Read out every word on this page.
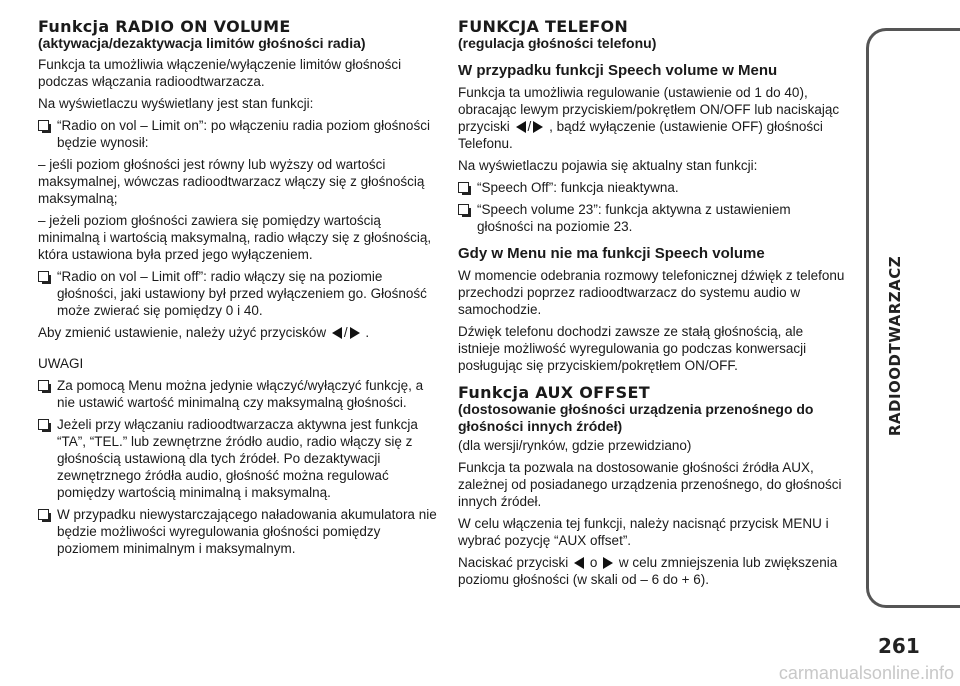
Funkcja RADIO ON VOLUME
(aktywacja/dezaktywacja limitów głośności radia)

Funkcja ta umożliwia włączenie/wyłączenie limitów głośności podczas włączania radioodtwarzacza.

Na wyświetlaczu wyświetlany jest stan funkcji:

“Radio on vol – Limit on”: po włączeniu radia poziom głośności będzie wynosił:

– jeśli poziom głośności jest równy lub wyższy od wartości maksymalnej, wówczas radioodtwarzacz włączy się z głośnością maksymalną;

– jeżeli poziom głośności zawiera się pomiędzy wartością minimalną i wartością maksymalną, radio włączy się z głośnością, która ustawiona była przed jego wyłączeniem.

“Radio on vol – Limit off”: radio włączy się na poziomie głośności, jaki ustawiony był przed wyłączeniem go. Głośność może zwierać się pomiędzy 0 i 40.

Aby zmienić ustawienie, należy użyć przycisków / .

UWAGI

Za pomocą Menu można jedynie włączyć/wyłączyć funkcję, a nie ustawić wartość minimalną czy maksymalną głośności.
Jeżeli przy włączaniu radioodtwarzacza aktywna jest funkcja “TA”, “TEL.” lub zewnętrzne źródło audio, radio włączy się z głośnością ustawioną dla tych źródeł. Po dezaktywacji zewnętrznego źródła audio, głośność można regulować pomiędzy wartością minimalną i maksymalną.
W przypadku niewystarczającego naładowania akumulatora nie będzie możliwości wyregulowania głośności pomiędzy poziomem minimalnym i maksymalnym.
FUNKCJA TELEFON
(regulacja głośności telefonu)
W przypadku funkcji Speech volume w Menu

Funkcja ta umożliwia regulowanie (ustawienie od 1 do 40), obracając lewym przyciskiem/pokrętłem ON/OFF lub naciskając przyciski / , bądź wyłączenie (ustawienie OFF) głośności Telefonu.

Na wyświetlaczu pojawia się aktualny stan funkcji:

“Speech Off”: funkcja nieaktywna.
“Speech volume 23”: funkcja aktywna z ustawieniem głośności na poziomie 23.
Gdy w Menu nie ma funkcji Speech volume

W momencie odebrania rozmowy telefonicznej dźwięk z telefonu przechodzi poprzez radioodtwarzacz do systemu audio w samochodzie.

Dźwięk telefonu dochodzi zawsze ze stałą głośnością, ale istnieje możliwość wyregulowania go podczas konwersacji posługując się przyciskiem/pokrętłem ON/OFF.

Funkcja AUX OFFSET
(dostosowanie głośności urządzenia przenośnego do głośności innych źródeł)

(dla wersji/rynków, gdzie przewidziano)

Funkcja ta pozwala na dostosowanie głośności źródła AUX, zależnej od posiadanego urządzenia przenośnego, do głośności innych źródeł.

W celu włączenia tej funkcji, należy nacisnąć przycisk MENU i wybrać pozycję “AUX offset”.

Naciskać przyciski o w celu zmniejszenia lub zwiększenia poziomu głośności (w skali od – 6 do + 6).

RADIOODTWARZACZ
261
carmanualsonline.info
